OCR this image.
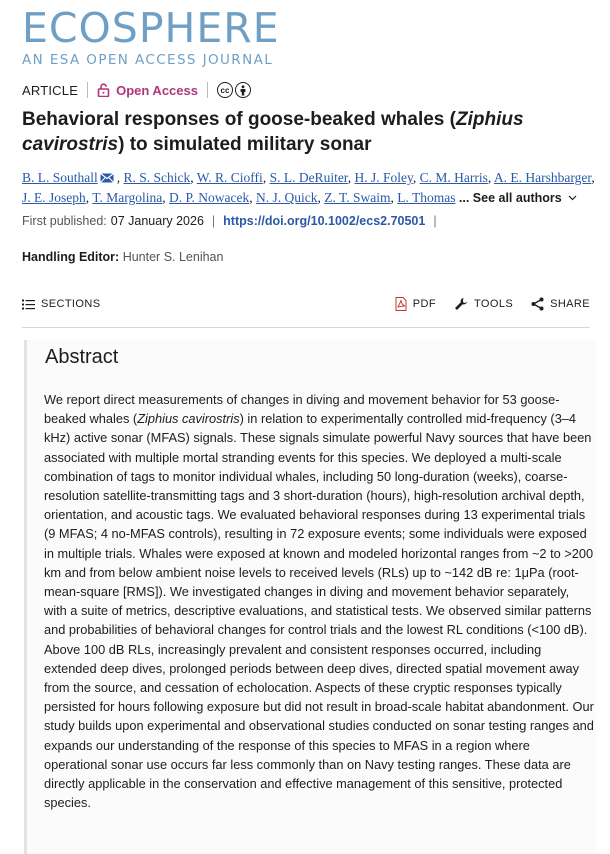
ECOSPHERE
AN ESA OPEN ACCESS JOURNAL
ARTICLE	Open Access	cc
Behavioral responses of goose-beaked whales (Ziphius cavirostris) to simulated military sonar
B. L. Southall , R. S. Schick, W. R. Cioffi, S. L. DeRuiter, H. J. Foley, C. M. Harris, A. E. Harshbarger,
J. E. Joseph, T. Margolina, D. P. Nowacek, N. J. Quick, Z. T. Swaim, L. Thomas ... See all authors
First published: 07 January 2026 | https://doi.org/10.1002/ecs2.70501 |
Handling Editor: Hunter S. Lenihan
SECTIONS	PDF	TOOLS	SHARE
Abstract

We report direct measurements of changes in diving and movement behavior for 53 goose-beaked whales (Ziphius cavirostris) in relation to experimentally controlled mid-frequency (3–4 kHz) active sonar (MFAS) signals. These signals simulate powerful Navy sources that have been associated with multiple mortal stranding events for this species. We deployed a multi-scale combination of tags to monitor individual whales, including 50 long-duration (weeks), coarse-resolution satellite-transmitting tags and 3 short-duration (hours), high-resolution archival depth, orientation, and acoustic tags. We evaluated behavioral responses during 13 experimental trials (9 MFAS; 4 no-MFAS controls), resulting in 72 exposure events; some individuals were exposed in multiple trials. Whales were exposed at known and modeled horizontal ranges from ~2 to >200 km and from below ambient noise levels to received levels (RLs) up to ~142 dB re: 1μPa (root-mean-square [RMS]). We investigated changes in diving and movement behavior separately, with a suite of metrics, descriptive evaluations, and statistical tests. We observed similar patterns and probabilities of behavioral changes for control trials and the lowest RL conditions (<100 dB). Above 100 dB RLs, increasingly prevalent and consistent responses occurred, including extended deep dives, prolonged periods between deep dives, directed spatial movement away from the source, and cessation of echolocation. Aspects of these cryptic responses typically persisted for hours following exposure but did not result in broad-scale habitat abandonment. Our study builds upon experimental and observational studies conducted on sonar testing ranges and expands our understanding of the response of this species to MFAS in a region where operational sonar use occurs far less commonly than on Navy testing ranges. These data are directly applicable in the conservation and effective management of this sensitive, protected species.
